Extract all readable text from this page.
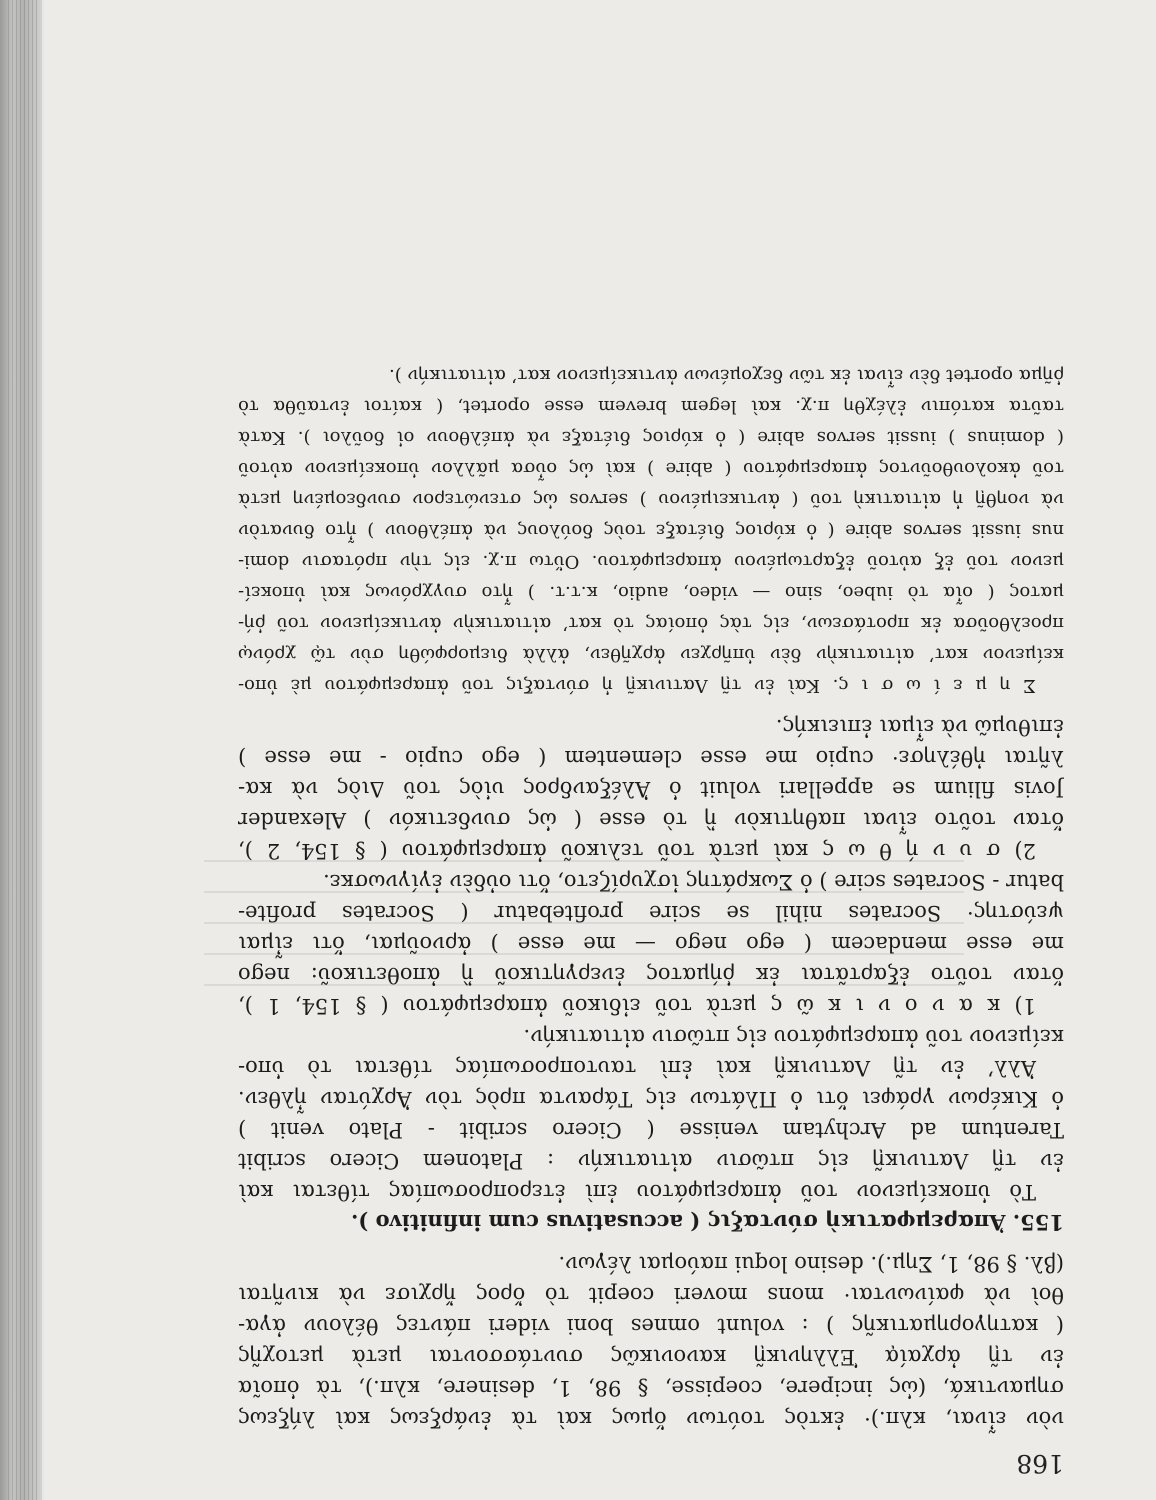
168
νὸν εἶναι, κλπ.)· ἐκτὸς τούτων ὅμως καὶ τὰ ἐνάρξεως καὶ λήξεως
σημαντικά, (ὡς incipere, coepisse, § 98, 1, desinere, κλπ.), τὰ ὁποῖα
ἐν τῇ ἀρχαίᾳ Ἑλληνικῇ κανονικῶς συντάσσονται μετὰ μετοχῆς
( κατηγορηματικῆς ) : volunt omnes boni videri πάντες θέλουν ἀγα-
θοὶ νὰ φαίνωνται· mons moveri coepit τὸ ὄρος ἤρχισε νὰ κινῆται
(βλ. § 98, 1, Σημ.). desino loqui παύομαι λέγων.
155. Ἀπαρεμφατικὴ σύνταξις ( accusativus cum infinitivo ).
Τὸ ὑποκείμενον τοῦ ἀπαρεμφάτου ἐπὶ ἑτεροπροσωπίας τίθεται καὶ
ἐν τῇ Λατινικῇ εἰς πτῶσιν αἰτιατικήν : Platonem Cicero scribit
Tarentum ad Archytam venisse ( Cicero scribit - Plato venit )
ὁ Κικέρων γράφει ὅτι ὁ Πλάτων εἰς Τάραντα πρὸς τὸν Ἀρχύταν ἦλθεν.
Ἀλλ’ ἐν τῇ Λατινικῇ καὶ ἐπὶ ταυτοπροσωπίας τίθεται τὸ ὑπο-
κείμενον τοῦ ἀπαρεμφάτου εἰς πτῶσιν αἰτιατικήν.
1) κ α ν ο ν ι κ ῶ ς μετὰ τοῦ εἰδικοῦ ἀπαρεμφάτου ( § 154, 1 ),
ὅταν τοῦτο ἐξαρτᾶται ἐκ ῥήματος ἐνεργητικοῦ ἢ ἀποθετικοῦ: nego
me esse mendacem ( ego nego — me esse ) ἀρνοῦμαι, ὅτι εἶμαι
ψεύστης· Socrates nihil se scire profitebatur ( Socrates profite-
batur - Socrates scire ) ὁ Σωκράτης ἰσχυρίζετο, ὅτι οὐδὲν ἐγίγνωσκε.
2) σ υ ν ή θ ω ς καὶ μετὰ τοῦ τελικοῦ ἀπαρεμφάτου ( § 154, 2 ),
ὅταν τοῦτο εἶναι παθητικὸν ἢ τὸ esse ( ὡς συνδετικόν ) Alexander
Jovis filium se appellari voluit ὁ Ἀλέξανδρος υἱὸς τοῦ Διὸς νὰ κα-
λῆται ἠθέλησε· cupio me esse clementem ( ego cupio - me esse )
ἐπιθυμῶ νὰ εἶμαι ἐπιεικής.
Σ η μ ε ί ω σ ι ς. Καὶ ἐν τῇ Λατινικῇ ἡ σύνταξις τοῦ ἀπαρεμφάτου μὲ ὑπο-
κείμενον κατ’ αἰτιατικὴν δὲν ὑπῆρχεν ἀρχῆθεν, ἀλλὰ διεμορφώθη σὺν τῷ χρόνῳ
προελθοῦσα ἐκ προτάσεων, εἰς τὰς ὁποίας τὸ κατ’ αἰτιατικὴν ἀντικείμενον τοῦ ῥή-
ματος ( οἷα τὸ iubeo, sino — video, audio, κ.τ.τ. ) ἦτο συγχρόνως καὶ ὑποκεί-
μενον τοῦ ἐξ αὐτοῦ ἐξαρτωμένου ἀπαρεμφάτου. Οὕτω π.χ. εἰς τὴν πρότασιν domi-
nus iussit servos abire ( ὁ κύριος διέταξε τοὺς δούλους νὰ ἀπέλθουν ) ἦτο δυνατὸν
νὰ νοηθῇ ἡ αἰτιατικὴ τοῦ ( ἀντικειμένου ) servos ὡς στενώτερον συνδεομένη μετὰ
τοῦ ἀκολουθοῦντος ἀπαρεμφάτου ( abire ) καὶ ὡς οὖσα μᾶλλον ὑποκείμενον αὐτοῦ
( dominus ) iussit servos abire ( ὁ κύριος διέταξε νὰ ἀπέλθουν οἱ δοῦλοι ). Κατὰ
ταῦτα κατόπιν ἐλέχθη π.χ. καὶ legem brevem esse oportet, ( καίτοι ἐνταῦθα τὸ
ῥῆμα oportet δὲν εἶναι ἐκ τῶν δεχομένων ἀντικείμενον κατ’ αἰτιατικήν ).
